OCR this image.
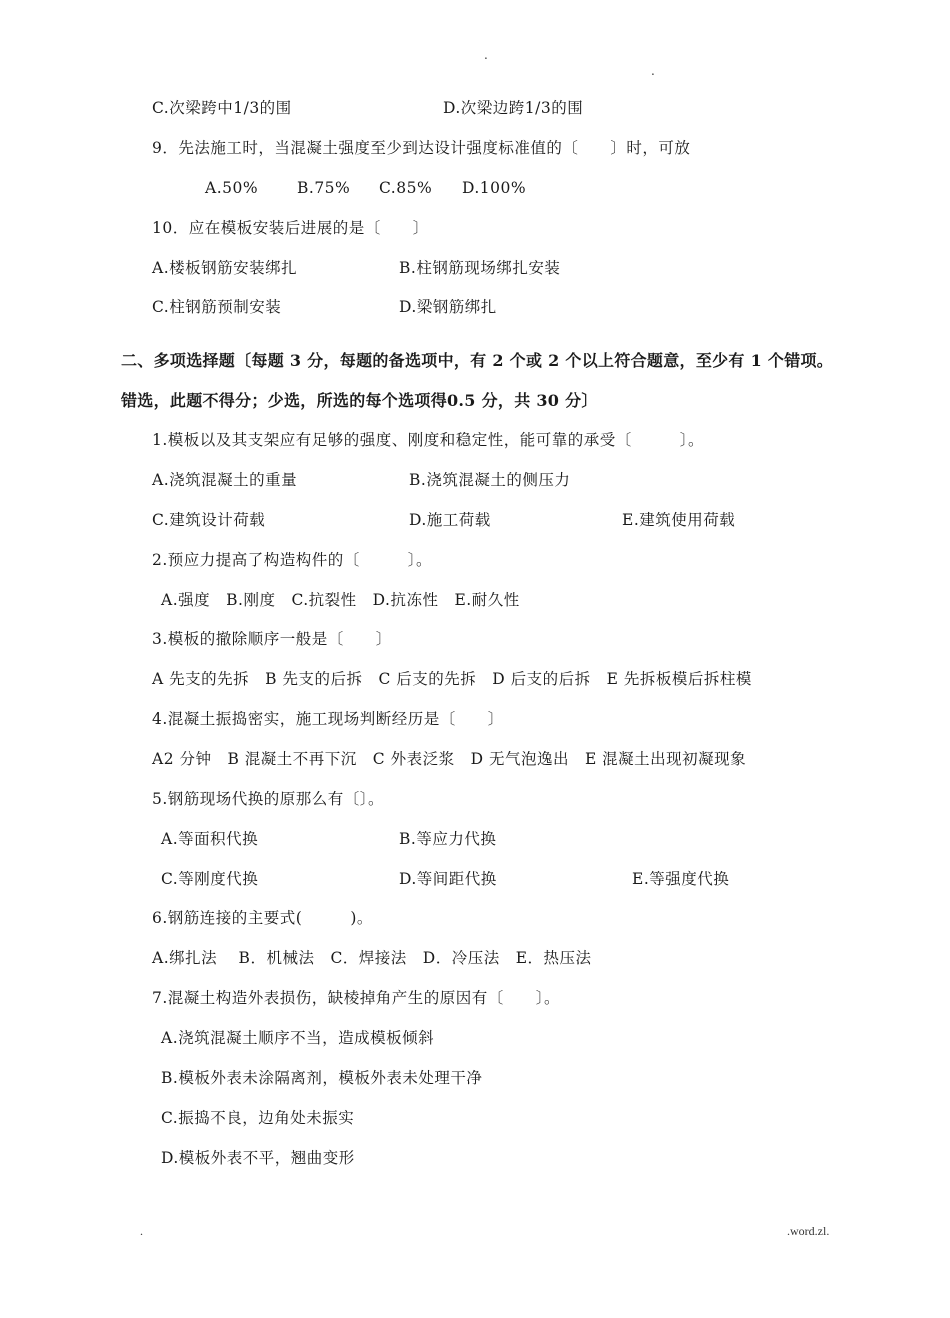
.
.
C.次梁跨中1/3的围	D.次梁边跨1/3的围
9．先法施工时，当混凝土强度至少到达设计强度标准值的〔　　〕时，可放
A.50%	B.75% C.85% D.100%
10．应在模板安装后进展的是〔　　〕
A.楼板钢筋安装绑扎	B.柱钢筋现场绑扎安装
C.柱钢筋预制安装	D.梁钢筋绑扎
二、多项选择题〔每题 3 分，每题的备选项中，有 2 个或 2 个以上符合题意，至少有 1 个错项。
错选，此题不得分；少选，所选的每个选项得0.5 分，共 30 分〕
1.模板以及其支架应有足够的强度、刚度和稳定性，能可靠的承受〔　　　〕。
A.浇筑混凝土的重量	B.浇筑混凝土的侧压力
C.建筑设计荷载	D.施工荷载	E.建筑使用荷载
2.预应力提高了构造构件的〔　　　〕。
A.强度　B.刚度　C.抗裂性　D.抗冻性　E.耐久性
3.模板的撤除顺序一般是〔　　〕
A 先支的先拆　B 先支的后拆　C 后支的先拆　D 后支的后拆　E 先拆板模后拆柱模
4.混凝土振捣密实，施工现场判断经历是〔　　〕
A2 分钟　B 混凝土不再下沉　C 外表泛浆　D 无气泡逸出　E 混凝土出现初凝现象
5.钢筋现场代换的原那么有〔〕。
A.等面积代换	B.等应力代换
C.等刚度代换	D.等间距代换	E.等强度代换
6.钢筋连接的主要式(　　　)。
A.绑扎法　 B．机械法　C．焊接法　D．冷压法　E．热压法
7.混凝土构造外表损伤，缺棱掉角产生的原因有〔　　〕。
A.浇筑混凝土顺序不当，造成模板倾斜
B.模板外表未涂隔离剂，模板外表未处理干净
C.振捣不良，边角处未振实
D.模板外表不平，翘曲变形
.	.word.zl.
